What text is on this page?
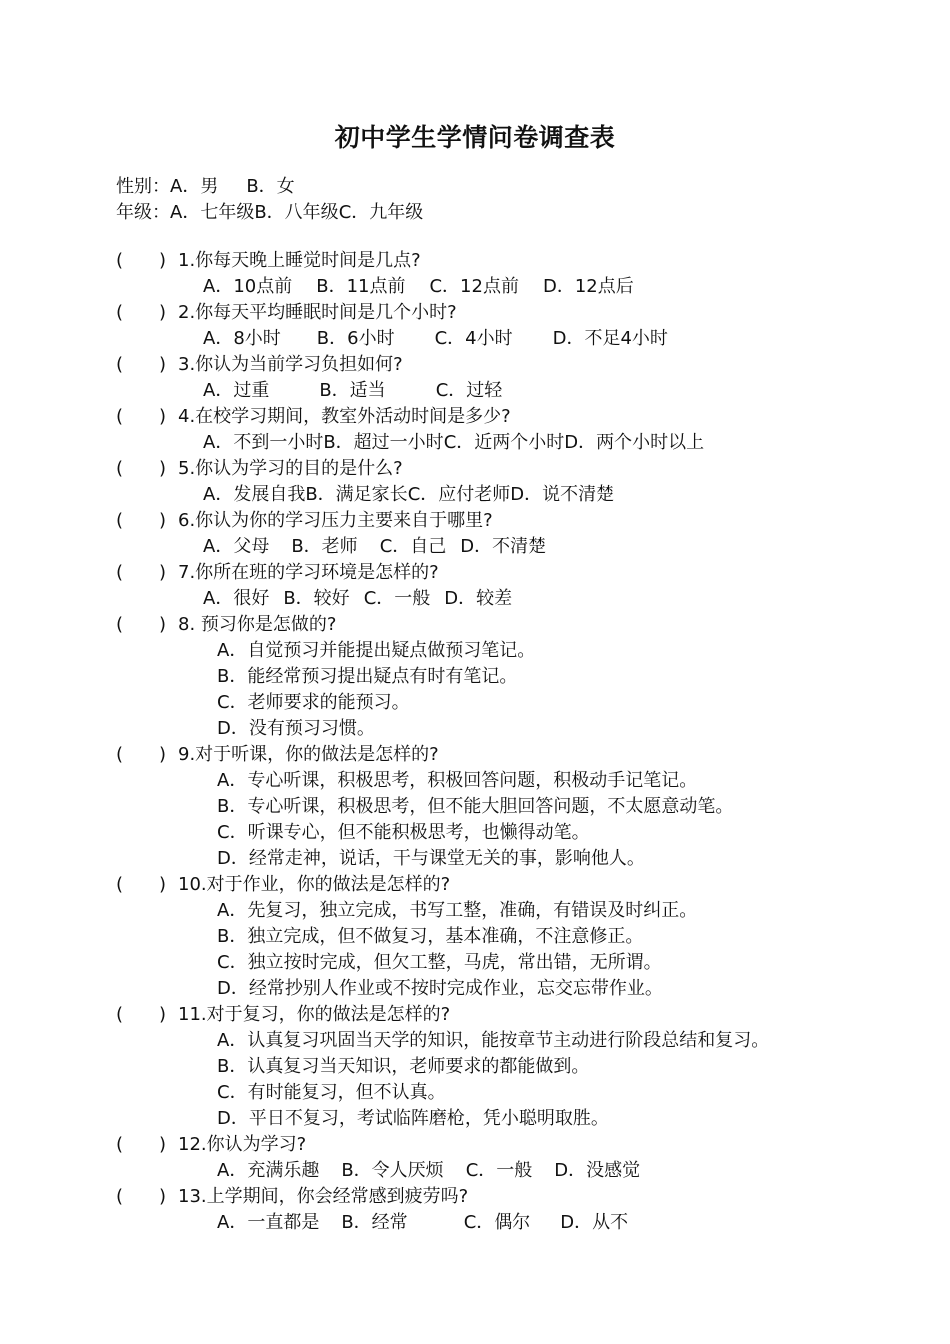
初中学生学情问卷调查表
性别：A．男 B．女
年级：A．七年级B．八年级C．九年级
(　　) 1.你每天晚上睡觉时间是几点?
A．10点前 B．11点前 C．12点前 D．12点后
(　　) 2.你每天平均睡眠时间是几个小时?
A．8小时 B．6小时 C．4小时 D．不足4小时
(　　) 3.你认为当前学习负担如何?
A．过重	B．适当	C．过轻
(　　) 4.在校学习期间，教室外活动时间是多少?
A．不到一小时B．超过一小时C．近两个小时D．两个小时以上
(　　) 5.你认为学习的目的是什么?
A．发展自我B．满足家长C．应付老师D．说不清楚
(　　) 6.你认为你的学习压力主要来自于哪里?
A．父母 B．老师 C．自己 D．不清楚
(　　) 7.你所在班的学习环境是怎样的?
A．很好 B．较好 C．一般 D．较差
(　　) 8. 预习你是怎做的?
A．自觉预习并能提出疑点做预习笔记。
B．能经常预习提出疑点有时有笔记。
C．老师要求的能预习。
D．没有预习习惯。
(　　) 9.对于听课，你的做法是怎样的?
A．专心听课，积极思考，积极回答问题，积极动手记笔记。
B．专心听课，积极思考，但不能大胆回答问题，不太愿意动笔。
C．听课专心，但不能积极思考，也懒得动笔。
D．经常走神，说话，干与课堂无关的事，影响他人。
(　　) 10.对于作业，你的做法是怎样的?
A．先复习，独立完成，书写工整，准确，有错误及时纠正。
B．独立完成，但不做复习，基本准确，不注意修正。
C．独立按时完成，但欠工整，马虎，常出错，无所谓。
D．经常抄别人作业或不按时完成作业，忘交忘带作业。
(　　) 11.对于复习，你的做法是怎样的?
A．认真复习巩固当天学的知识，能按章节主动进行阶段总结和复习。
B．认真复习当天知识，老师要求的都能做到。
C．有时能复习，但不认真。
D．平日不复习，考试临阵磨枪，凭小聪明取胜。
(　　) 12.你认为学习?
A．充满乐趣 B．令人厌烦 C．一般 D．没感觉
(　　) 13.上学期间，你会经常感到疲劳吗?
A．一直都是 B．经常	C．偶尔 D．从不
